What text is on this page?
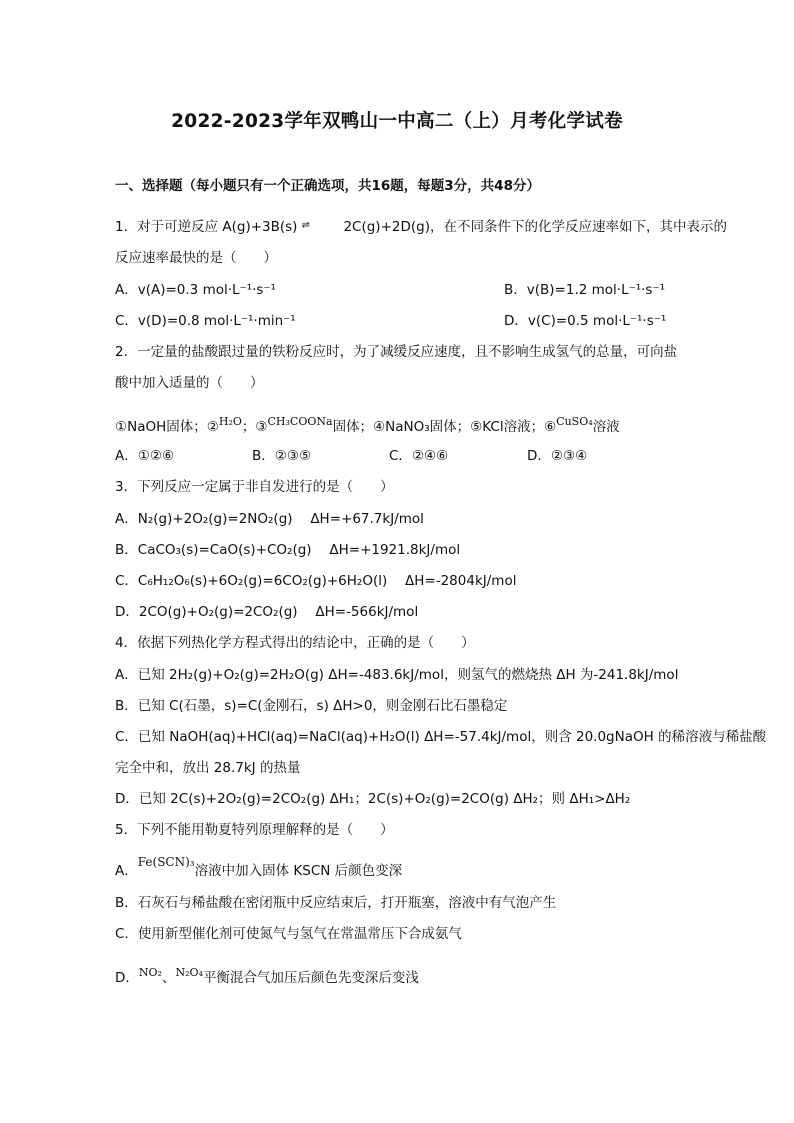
2022-2023学年双鸭山一中高二（上）月考化学试卷
一、选择题（每小题只有一个正确选项，共16题，每题3分，共48分）
1．对于可逆反应 A(g)+3B(s) ⇌ 2C(g)+2D(g)，在不同条件下的化学反应速率如下，其中表示的
反应速率最快的是（　　）
A．v(A)=0.3 mol·L⁻¹·s⁻¹	B．v(B)=1.2 mol·L⁻¹·s⁻¹
C．v(D)=0.8 mol·L⁻¹·min⁻¹	D．v(C)=0.5 mol·L⁻¹·s⁻¹
2．一定量的盐酸跟过量的铁粉反应时，为了减缓反应速度，且不影响生成氢气的总量，可向盐
酸中加入适量的（　　）
①NaOH固体；②$^{H_2O}$；③$^{CH_3COONa}$固体；④NaNO₃固体；⑤KCl溶液；⑥$^{CuSO_4}$溶液
A．①②⑥	B．②③⑤	C．②④⑥	D．②③④
3．下列反应一定属于非自发进行的是（　　）
A．N₂(g)+2O₂(g)=2NO₂(g)　 ΔH=+67.7kJ/mol
B．CaCO₃(s)=CaO(s)+CO₂(g)　 ΔH=+1921.8kJ/mol
C．C₆H₁₂O₆(s)+6O₂(g)=6CO₂(g)+6H₂O(l)　 ΔH=-2804kJ/mol
D．2CO(g)+O₂(g)=2CO₂(g)　 ΔH=-566kJ/mol
4．依据下列热化学方程式得出的结论中，正确的是（　　）
A．已知 2H₂(g)+O₂(g)=2H₂O(g) ΔH=-483.6kJ/mol，则氢气的燃烧热 ΔH 为-241.8kJ/mol
B．已知 C(石墨，s)=C(金刚石，s) ΔH>0，则金刚石比石墨稳定
C．已知 NaOH(aq)+HCl(aq)=NaCl(aq)+H₂O(l) ΔH=-57.4kJ/mol，则含 20.0gNaOH 的稀溶液与稀盐酸
完全中和，放出 28.7kJ 的热量
D．已知 2C(s)+2O₂(g)=2CO₂(g) ΔH₁；2C(s)+O₂(g)=2CO(g) ΔH₂；则 ΔH₁>ΔH₂
5．下列不能用勒夏特列原理解释的是（　　）
A．Fe(SCN)₃溶液中加入固体 KSCN 后颜色变深
B．石灰石与稀盐酸在密闭瓶中反应结束后，打开瓶塞，溶液中有气泡产生
C．使用新型催化剂可使氮气与氢气在常温常压下合成氨气
D．$^{NO_2}$、$^{N_2O_4}$平衡混合气加压后颜色先变深后变浅
